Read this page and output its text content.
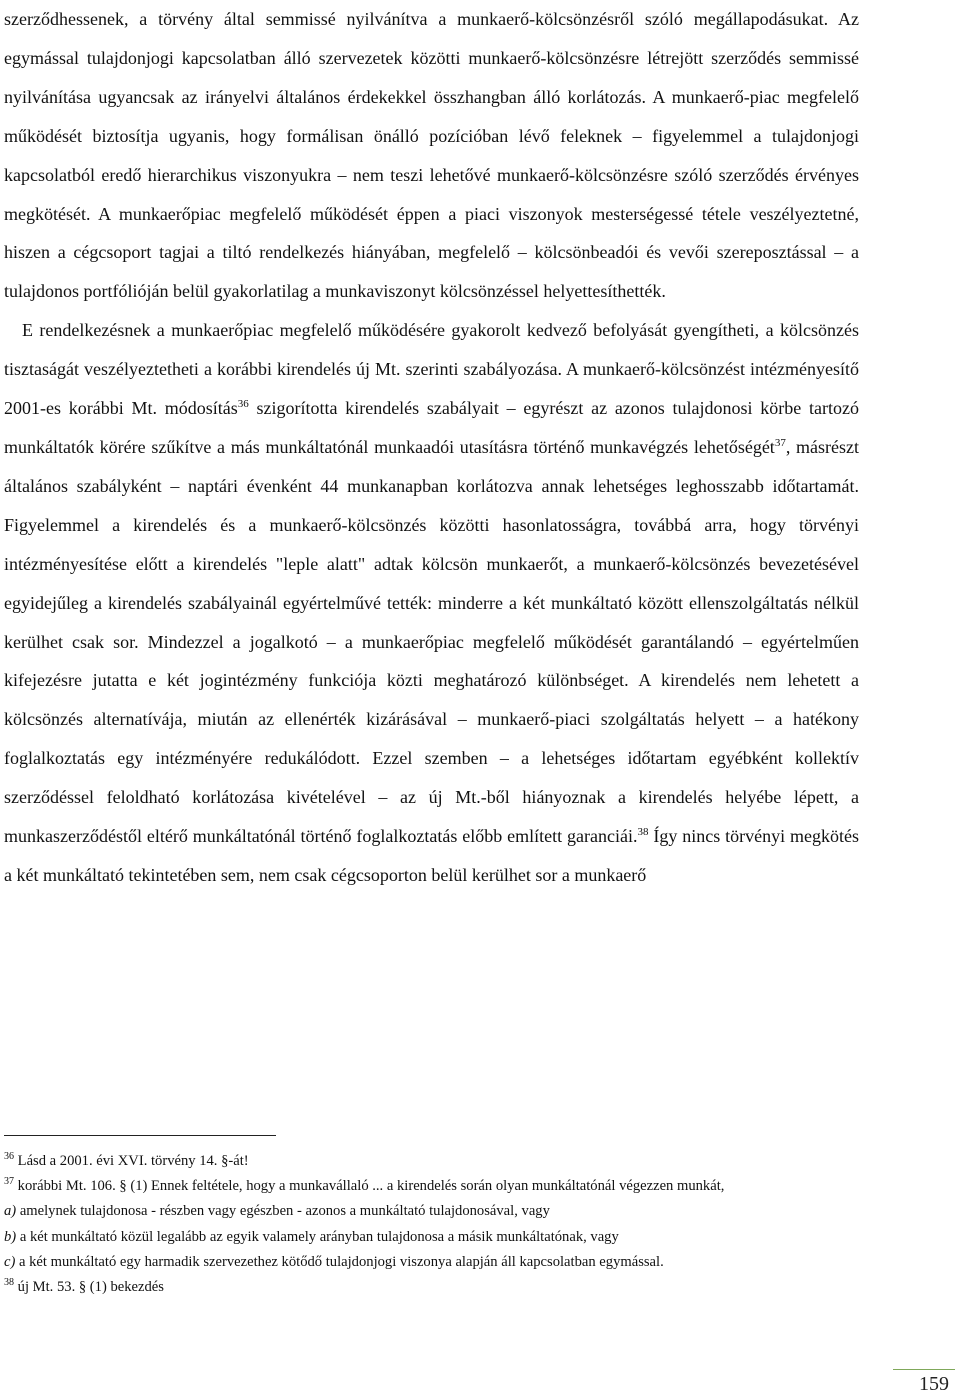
szerződhessenek, a törvény által semmissé nyilvánítva a munkaerő-kölcsönzésről szóló megállapodásukat. Az egymással tulajdonjogi kapcsolatban álló szervezetek közötti munkaerő-kölcsönzésre létrejött szerződés semmissé nyilvánítása ugyancsak az irányelvi általános érdekekkel összhangban álló korlátozás. A munkaerő-piac megfelelő működését biztosítja ugyanis, hogy formálisan önálló pozícióban lévő feleknek – figyelemmel a tulajdonjogi kapcsolatból eredő hierarchikus viszonyukra – nem teszi lehetővé munkaerő-kölcsönzésre szóló szerződés érvényes megkötését. A munkaerőpiac megfelelő működését éppen a piaci viszonyok mesterségessé tétele veszélyeztetné, hiszen a cégcsoport tagjai a tiltó rendelkezés hiányában, megfelelő – kölcsönbeadói és vevői szereposztással – a tulajdonos portfólióján belül gyakorlatilag a munkaviszonyt kölcsönzéssel helyettesíthették.

E rendelkezésnek a munkaerőpiac megfelelő működésére gyakorolt kedvező befolyását gyengítheti, a kölcsönzés tisztaságát veszélyeztetheti a korábbi kirendelés új Mt. szerinti szabályozása. A munkaerő-kölcsönzést intézményesítő 2001-es korábbi Mt. módosítás$^{36}$ szigorította kirendelés szabályait – egyrészt az azonos tulajdonosi körbe tartozó munkáltatók körére szűkítve a más munkáltatónál munkaadói utasításra történő munkavégzés lehetőségét$^{37}$, másrészt általános szabályként – naptári évenként 44 munkanapban korlátozva annak lehetséges leghosszabb időtartamát. Figyelemmel a kirendelés és a munkaerő-kölcsönzés közötti hasonlatosságra, továbbá arra, hogy törvényi intézményesítése előtt a kirendelés "leple alatt" adtak kölcsön munkaerőt, a munkaerő-kölcsönzés bevezetésével egyidejűleg a kirendelés szabályainál egyértelművé tették: minderre a két munkáltató között ellenszolgáltatás nélkül kerülhet csak sor. Mindezzel a jogalkotó – a munkaerőpiac megfelelő működését garantálandó – egyértelműen kifejezésre jutatta e két jogintézmény funkciója közti meghatározó különbséget. A kirendelés nem lehetett a kölcsönzés alternatívája, miután az ellenérték kizárásával – munkaerő-piaci szolgáltatás helyett – a hatékony foglalkoztatás egy intézményére redukálódott. Ezzel szemben – a lehetséges időtartam egyébként kollektív szerződéssel feloldható korlátozása kivételével – az új Mt.-ből hiányoznak a kirendelés helyébe lépett, a munkaszerződéstől eltérő munkáltatónál történő foglalkoztatás előbb említett garanciái.$^{38}$ Így nincs törvényi megkötés a két munkáltató tekintetében sem, nem csak cégcsoporton belül kerülhet sor a munkaerő

$^{36}$ Lásd a 2001. évi XVI. törvény 14. §-át!

$^{37}$ korábbi Mt. 106. § (1) Ennek feltétele, hogy a munkavállaló ... a kirendelés során olyan munkáltatónál végezzen munkát,

a) amelynek tulajdonosa - részben vagy egészben - azonos a munkáltató tulajdonosával, vagy

b) a két munkáltató közül legalább az egyik valamely arányban tulajdonosa a másik munkáltatónak, vagy

c) a két munkáltató egy harmadik szervezethez kötődő tulajdonjogi viszonya alapján áll kapcsolatban egymással.

$^{38}$ új Mt. 53. § (1) bekezdés

159
